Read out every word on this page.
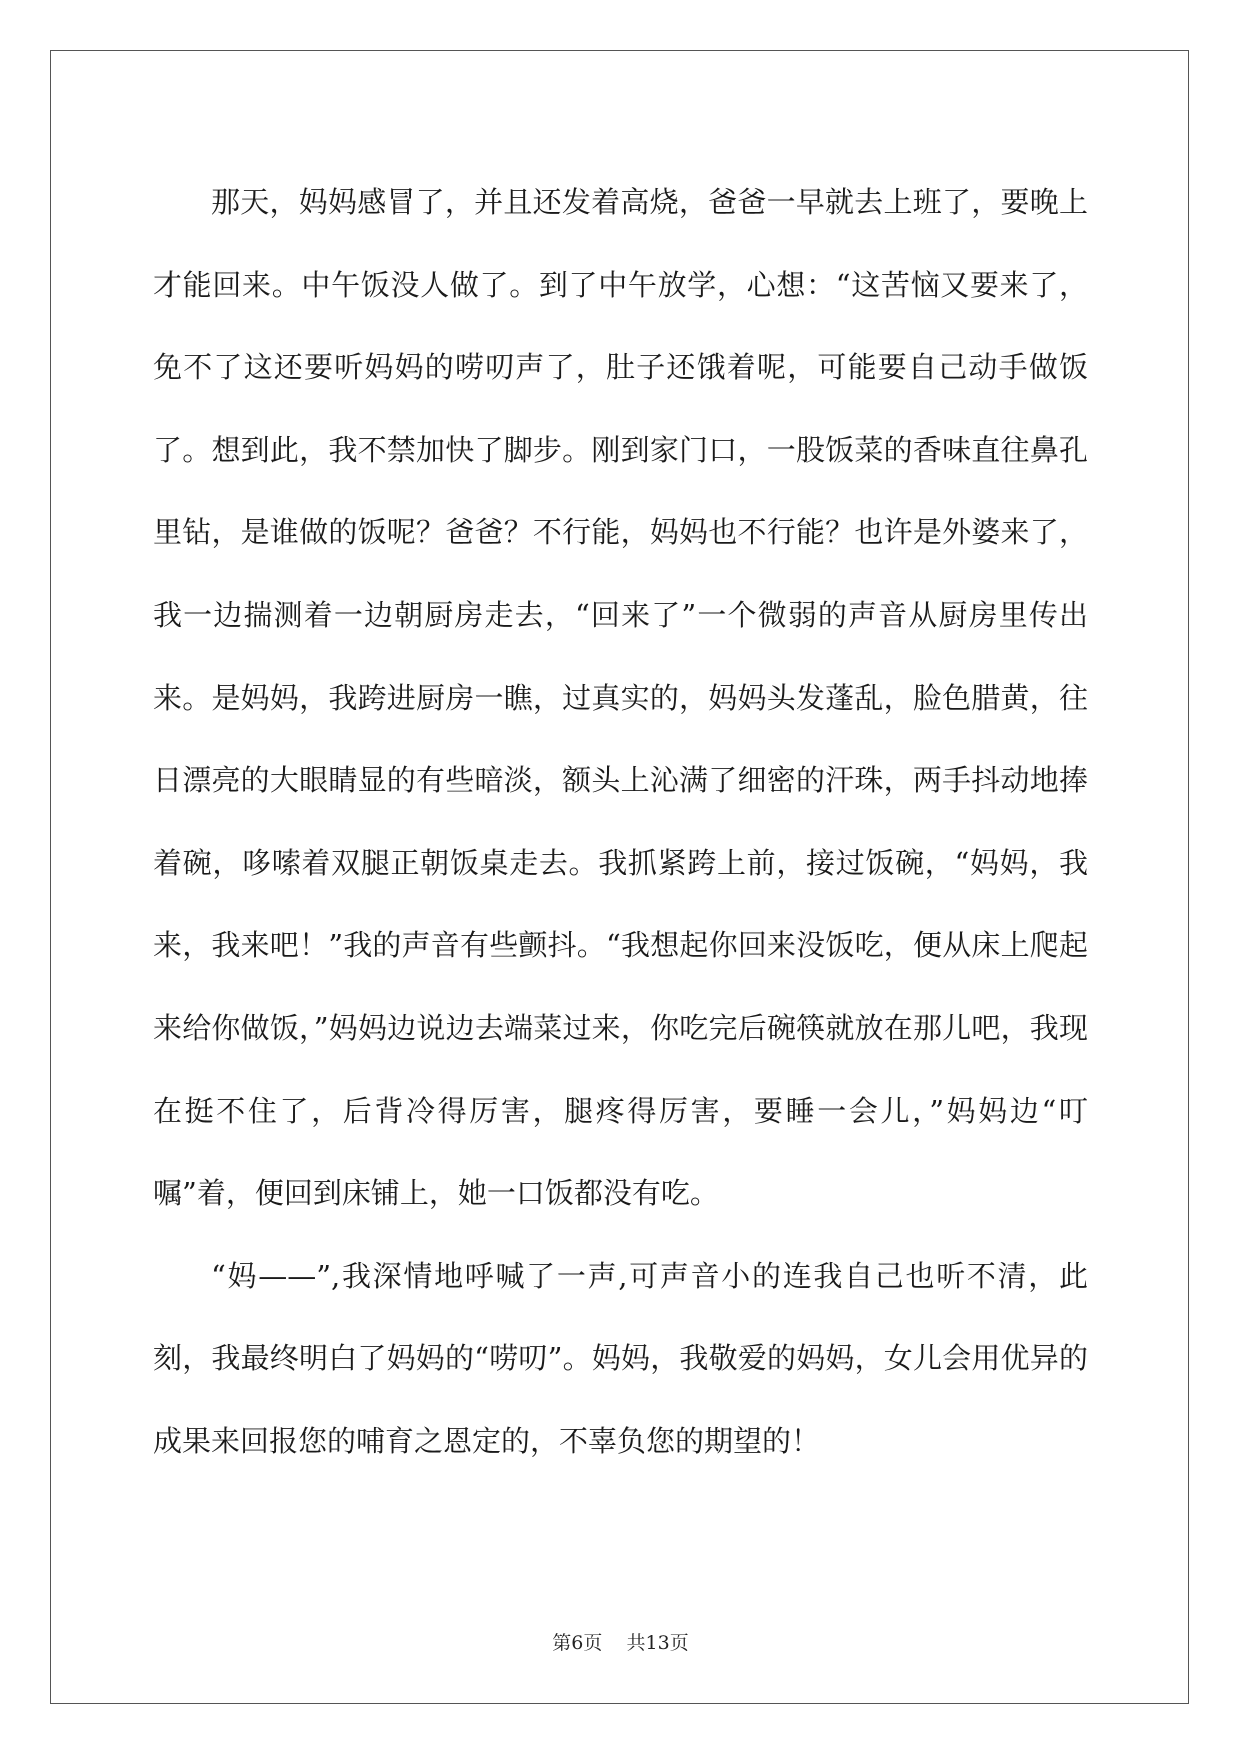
那天，妈妈感冒了，并且还发着高烧，爸爸一早就去上班了，要晚上才能回来。中午饭没人做了。到了中午放学，心想：“这苦恼又要来了，免不了这还要听妈妈的唠叨声了，肚子还饿着呢，可能要自己动手做饭了。想到此，我不禁加快了脚步。刚到家门口，一股饭菜的香味直往鼻孔里钻，是谁做的饭呢？爸爸？不行能，妈妈也不行能？也许是外婆来了，我一边揣测着一边朝厨房走去，“回来了”一个微弱的声音从厨房里传出来。是妈妈，我跨进厨房一瞧，过真实的，妈妈头发蓬乱，脸色腊黄，往日漂亮的大眼睛显的有些暗淡，额头上沁满了细密的汗珠，两手抖动地捧着碗，哆嗦着双腿正朝饭桌走去。我抓紧跨上前，接过饭碗，“妈妈，我来，我来吧！”我的声音有些颤抖。“我想起你回来没饭吃，便从床上爬起来给你做饭，”妈妈边说边去端菜过来，你吃完后碗筷就放在那儿吧，我现在挺不住了，后背冷得厉害，腿疼得厉害，要睡一会儿，”妈妈边“叮嘱”着，便回到床铺上，她一口饭都没有吃。

“妈——”,我深情地呼喊了一声,可声音小的连我自己也听不清，此刻，我最终明白了妈妈的“唠叨”。妈妈，我敬爱的妈妈，女儿会用优异的成果来回报您的哺育之恩定的，不辜负您的期望的！

第6页 共13页
